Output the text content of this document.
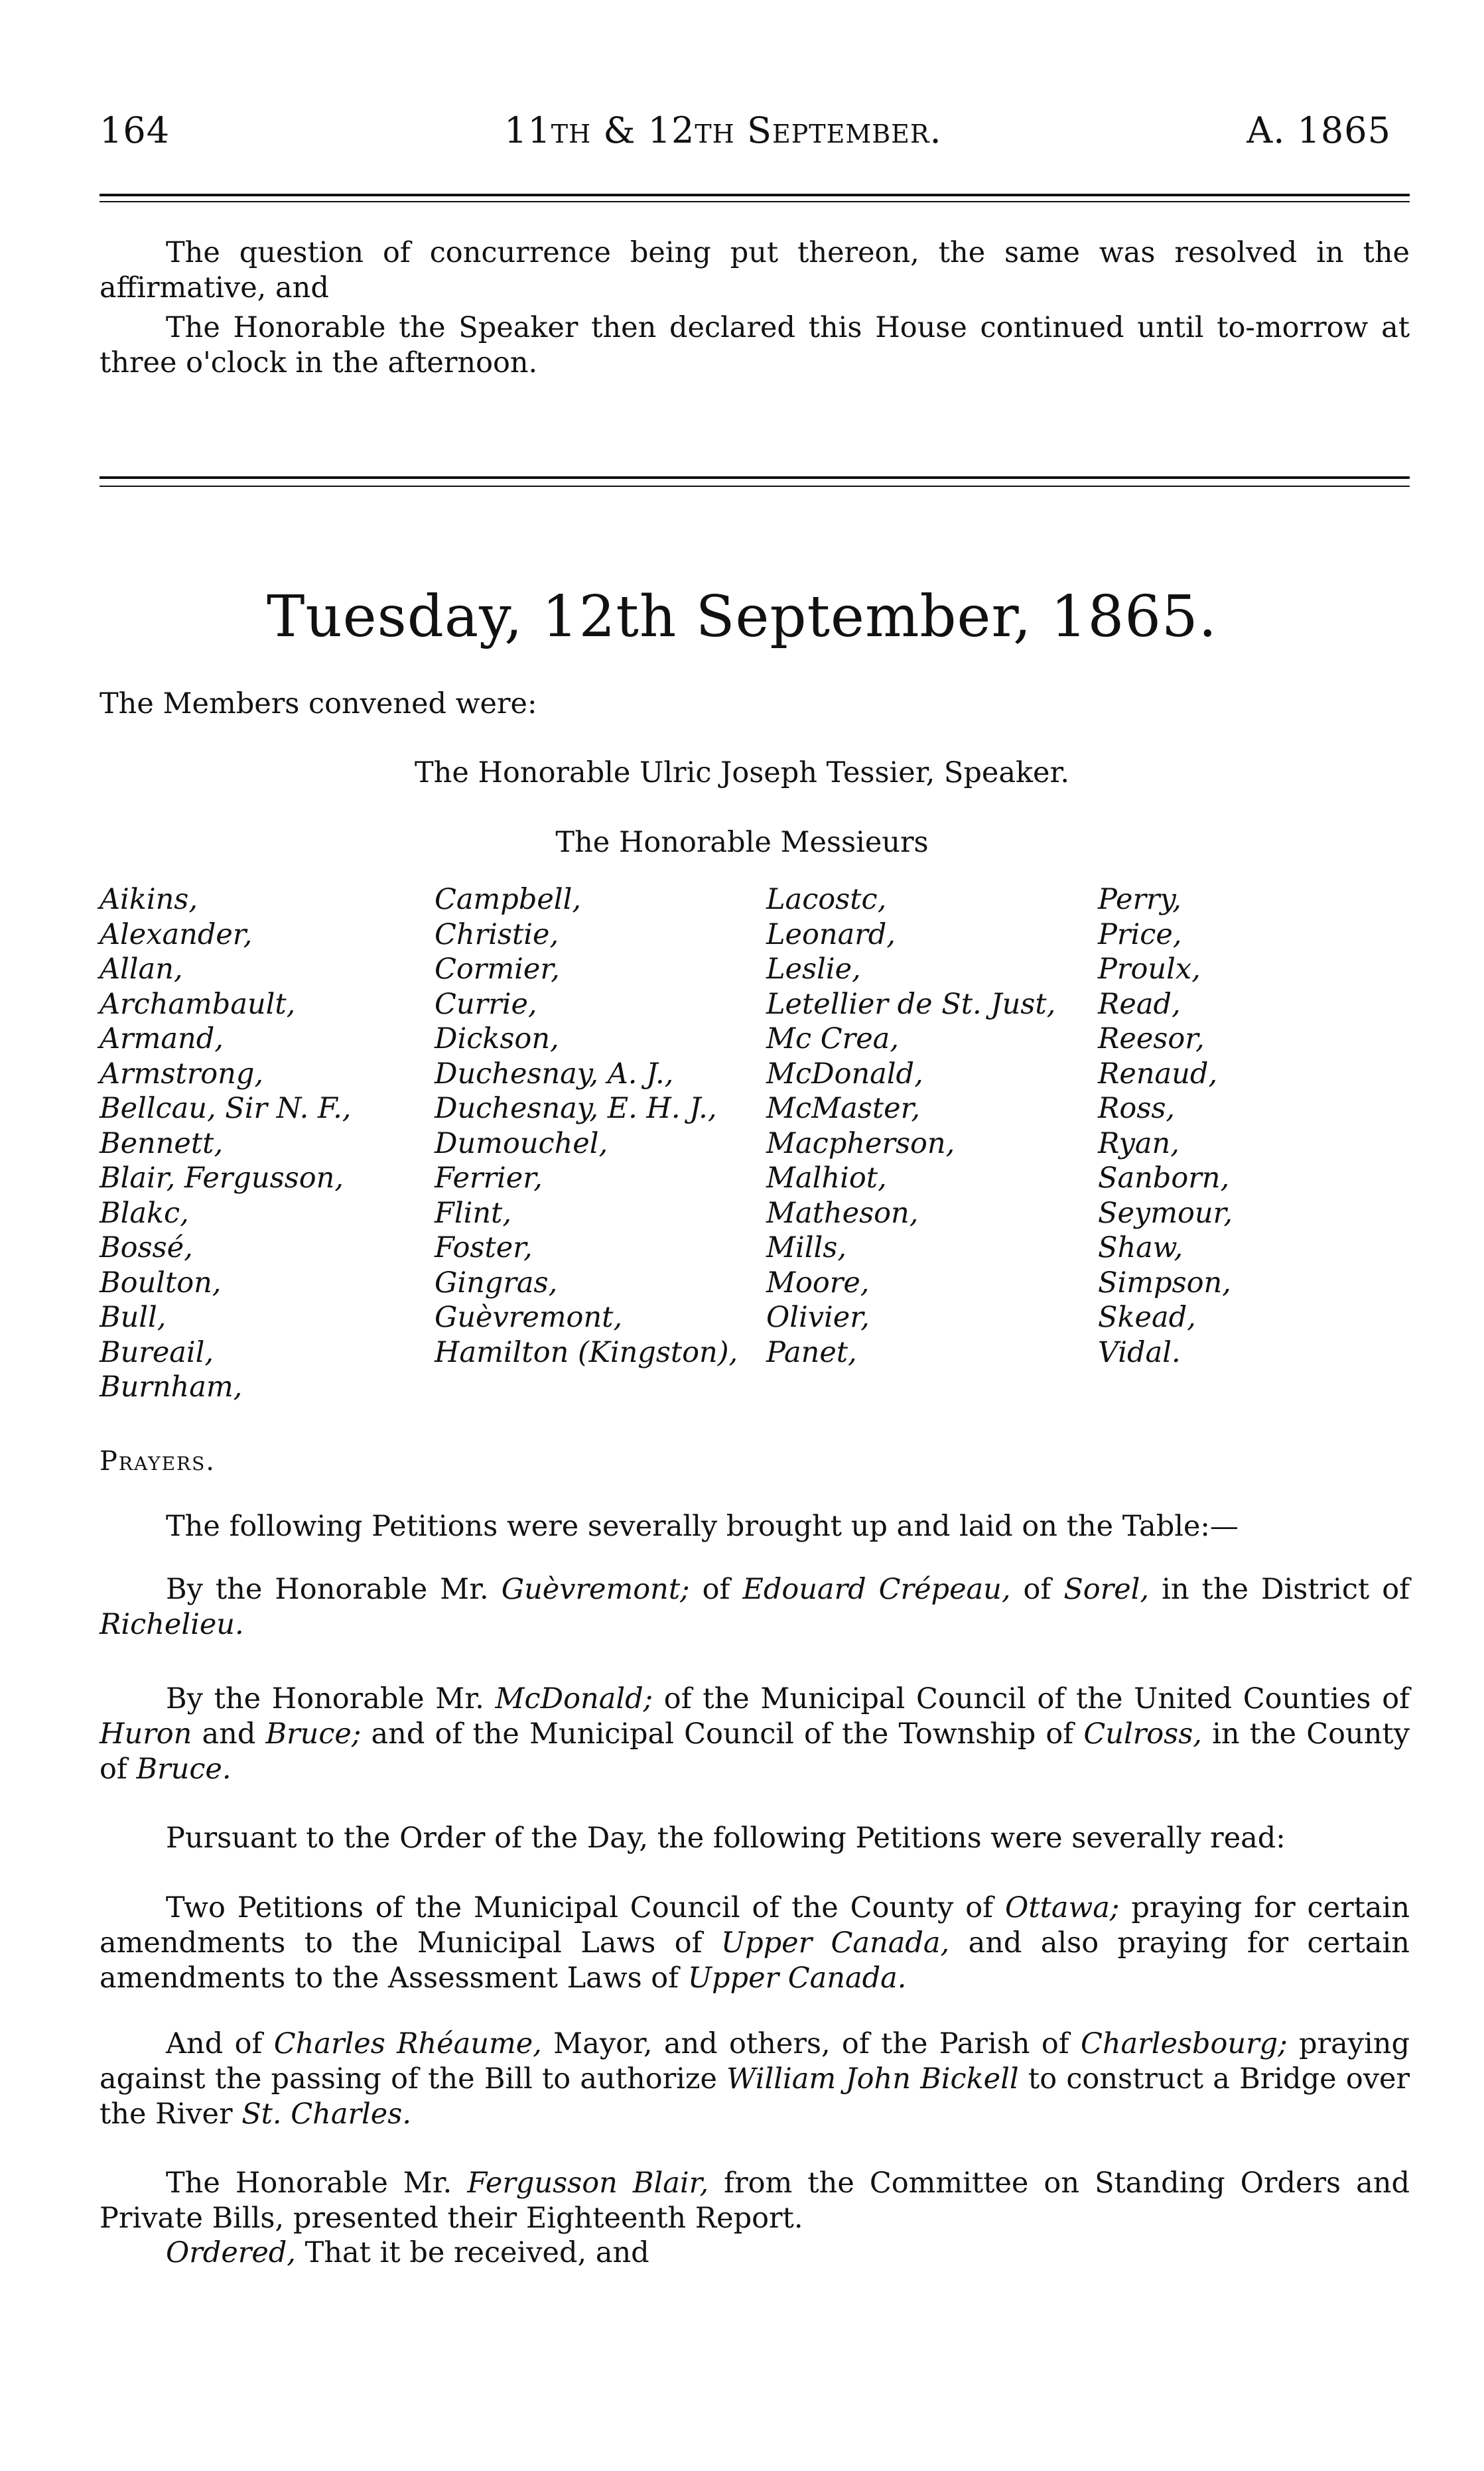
164	11th & 12th September.	A. 1865

The question of concurrence being put thereon, the same was resolved in the affirmative, and

The Honorable the Speaker then declared this House continued until to-morrow at three o'clock in the afternoon.

Tuesday, 12th September, 1865.

The Members convened were:

The Honorable Ulric Joseph Tessier, Speaker.
The Honorable Messieurs
Aikins,
Alexander,
Allan,
Archambault,
Armand,
Armstrong,
Bellcau, Sir N. F.,
Bennett,
Blair, Fergusson,
Blakc,
Bossé,
Boulton,
Bull,
Bureail,
Burnham,
Campbell,
Christie,
Cormier,
Currie,
Dickson,
Duchesnay, A. J.,
Duchesnay, E. H. J.,
Dumouchel,
Ferrier,
Flint,
Foster,
Gingras,
Guèvremont,
Hamilton (Kingston),
Lacostc,
Leonard,
Leslie,
Letellier de St. Just,
Mc Crea,
McDonald,
McMaster,
Macpherson,
Malhiot,
Matheson,
Mills,
Moore,
Olivier,
Panet,
Perry,
Price,
Proulx,
Read,
Reesor,
Renaud,
Ross,
Ryan,
Sanborn,
Seymour,
Shaw,
Simpson,
Skead,
Vidal.
Prayers.

The following Petitions were severally brought up and laid on the Table:—

By the Honorable Mr. Guèvremont; of Edouard Crépeau, of Sorel, in the District of Richelieu.

By the Honorable Mr. McDonald; of the Municipal Council of the United Counties of Huron and Bruce; and of the Municipal Council of the Township of Culross, in the County of Bruce.

Pursuant to the Order of the Day, the following Petitions were severally read:

Two Petitions of the Municipal Council of the County of Ottawa; praying for certain amendments to the Municipal Laws of Upper Canada, and also praying for certain amendments to the Assessment Laws of Upper Canada.

And of Charles Rhéaume, Mayor, and others, of the Parish of Charlesbourg; praying against the passing of the Bill to authorize William John Bickell to construct a Bridge over the River St. Charles.

The Honorable Mr. Fergusson Blair, from the Committee on Standing Orders and Private Bills, presented their Eighteenth Report.

Ordered, That it be received, and
